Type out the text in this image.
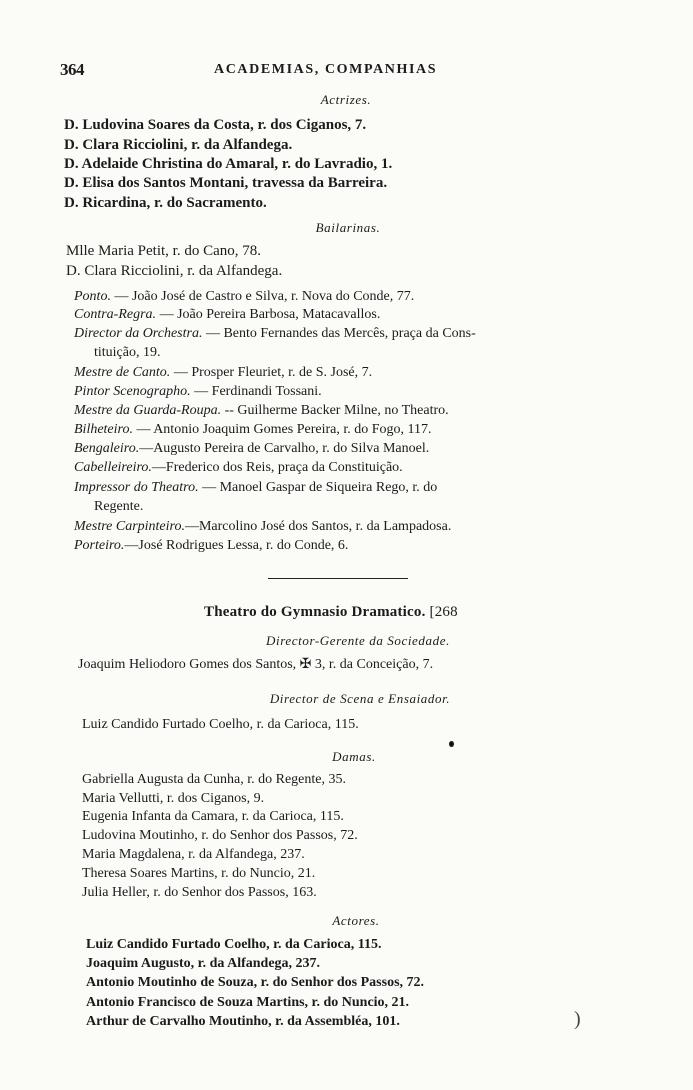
364	ACADEMIAS, COMPANHIAS
Actrizes.
D. Ludovina Soares da Costa, r. dos Ciganos, 7.
D. Clara Ricciolini, r. da Alfandega.
D. Adelaide Christina do Amaral, r. do Lavradio, 1.
D. Elisa dos Santos Montani, travessa da Barreira.
D. Ricardina, r. do Sacramento.
Bailarinas.
Mlle Maria Petit, r. do Cano, 78.
D. Clara Ricciolini, r. da Alfandega.
Ponto. — João José de Castro e Silva, r. Nova do Conde, 77.
Contra-Regra. — João Pereira Barbosa, Matacavallos.
Director da Orchestra. — Bento Fernandes das Mercês, praça da Cons-
tituição, 19.
Mestre de Canto. — Prosper Fleuriet, r. de S. José, 7.
Pintor Scenographo. — Ferdinandi Tossani.
Mestre da Guarda-Roupa. -- Guilherme Backer Milne, no Theatro.
Bilheteiro. — Antonio Joaquim Gomes Pereira, r. do Fogo, 117.
Bengaleiro.—Augusto Pereira de Carvalho, r. do Silva Manoel.
Cabelleireiro.—Frederico dos Reis, praça da Constituição.
Impressor do Theatro. — Manoel Gaspar de Siqueira Rego, r. do
Regente.
Mestre Carpinteiro.—Marcolino José dos Santos, r. da Lampadosa.
Porteiro.—José Rodrigues Lessa, r. do Conde, 6.
Theatro do Gymnasio Dramatico. [268
Director-Gerente da Sociedade.
Joaquim Heliodoro Gomes dos Santos, ✠ 3, r. da Conceição, 7.
Director de Scena e Ensaiador.
Luiz Candido Furtado Coelho, r. da Carioca, 115.
Damas.
Gabriella Augusta da Cunha, r. do Regente, 35.
Maria Vellutti, r. dos Ciganos, 9.
Eugenia Infanta da Camara, r. da Carioca, 115.
Ludovina Moutinho, r. do Senhor dos Passos, 72.
Maria Magdalena, r. da Alfandega, 237.
Theresa Soares Martins, r. do Nuncio, 21.
Julia Heller, r. do Senhor dos Passos, 163.
Actores.
Luiz Candido Furtado Coelho, r. da Carioca, 115.
Joaquim Augusto, r. da Alfandega, 237.
Antonio Moutinho de Souza, r. do Senhor dos Passos, 72.
Antonio Francisco de Souza Martins, r. do Nuncio, 21.
Arthur de Carvalho Moutinho, r. da Assembléa, 101.	)
